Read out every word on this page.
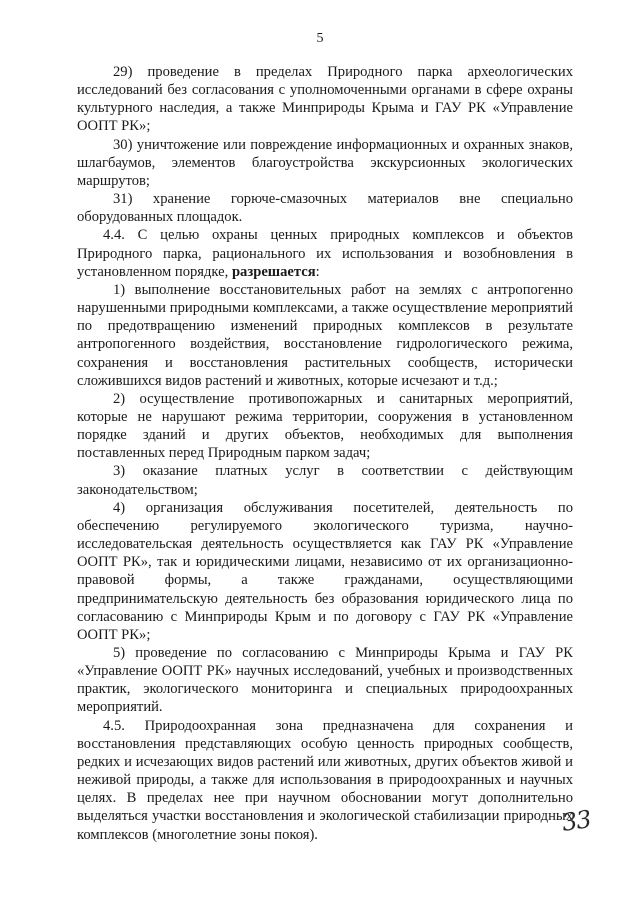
5

29) проведение в пределах Природного парка археологических исследований без согласования с уполномоченными органами в сфере охраны культурного наследия, а также Минприроды Крыма и ГАУ РК «Управление ООПТ РК»;

30) уничтожение или повреждение информационных и охранных знаков, шлагбаумов, элементов благоустройства экскурсионных экологических маршрутов;

31) хранение горюче-смазочных материалов вне специально оборудованных площадок.

4.4. С целью охраны ценных природных комплексов и объектов Природного парка, рационального их использования и возобновления в установленном порядке, разрешается:

1) выполнение восстановительных работ на землях с антропогенно нарушенными природными комплексами, а также осуществление мероприятий по предотвращению изменений природных комплексов в результате антропогенного воздействия, восстановление гидрологического режима, сохранения и восстановления растительных сообществ, исторически сложившихся видов растений и животных, которые исчезают и т.д.;

2) осуществление противопожарных и санитарных мероприятий, которые не нарушают режима территории, сооружения в установленном порядке зданий и других объектов, необходимых для выполнения поставленных перед Природным парком задач;

3) оказание платных услуг в соответствии с действующим законодательством;

4) организация обслуживания посетителей, деятельность по обеспечению регулируемого экологического туризма, научно-исследовательская деятельность осуществляется как ГАУ РК «Управление ООПТ РК», так и юридическими лицами, независимо от их организационно-правовой формы, а также гражданами, осуществляющими предпринимательскую деятельность без образования юридического лица по согласованию с Минприроды Крым и по договору с ГАУ РК «Управление ООПТ РК»;

5) проведение по согласованию с Минприроды Крыма и ГАУ РК «Управление ООПТ РК» научных исследований, учебных и производственных практик, экологического мониторинга и специальных природоохранных мероприятий.

4.5. Природоохранная зона предназначена для сохранения и восстановления представляющих особую ценность природных сообществ, редких и исчезающих видов растений или животных, других объектов живой и неживой природы, а также для использования в природоохранных и научных целях. В пределах нее при научном обосновании могут дополнительно выделяться участки восстановления и экологической стабилизации природных комплексов (многолетние зоны покоя).	33
